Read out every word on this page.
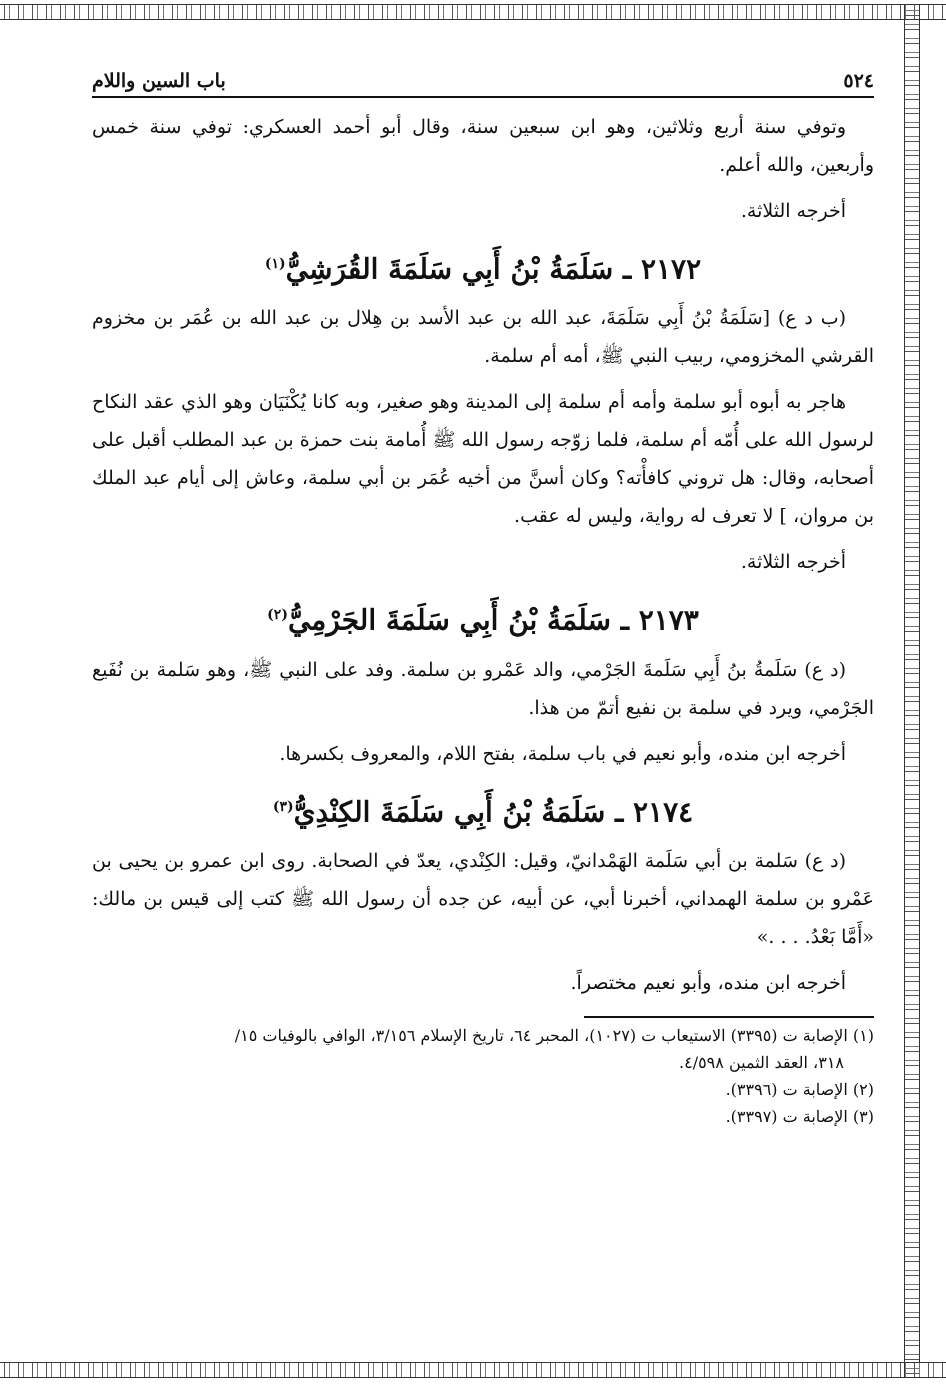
٥٢٤
باب السين واللام

وتوفي سنة أربع وثلاثين، وهو ابن سبعين سنة، وقال أبو أحمد العسكري: توفي سنة خمس وأربعين، والله أعلم.

أخرجه الثلاثة.

٢١٧٢ ـ سَلَمَةُ بْنُ أَبِي سَلَمَةَ القُرَشِيُّ$^{(١)}$

(ب د ع) [سَلَمَةُ بْنُ أَبِي سَلَمَةَ، عبد الله بن عبد الأسد بن هِلال بن عبد الله بن عُمَر بن مخزوم القرشي المخزومي، ربيب النبي ﷺ، أمه أم سلمة.

هاجر به أبوه أبو سلمة وأمه أم سلمة إلى المدينة وهو صغير، وبه كانا يُكْنَيَان وهو الذي عقد النكاح لرسول الله على أُمّه أم سلمة، فلما زوّجه رسول الله ﷺ أُمامة بنت حمزة بن عبد المطلب أقبل على أصحابه، وقال: هل تروني كافأْته؟ وكان أسنَّ من أخيه عُمَر بن أبي سلمة، وعاش إلى أيام عبد الملك بن مروان، ] لا تعرف له رواية، وليس له عقب.

أخرجه الثلاثة.

٢١٧٣ ـ سَلَمَةُ بْنُ أَبِي سَلَمَةَ الجَرْمِيُّ$^{(٢)}$

(د ع) سَلَمةُ بنُ أَبِي سَلَمةَ الجَرْمي، والد عَمْرو بن سلمة. وفد على النبي ﷺ، وهو سَلمة بن نُفَيع الجَرْمي، ويرد في سلمة بن نفيع أتمّ من هذا.

أخرجه ابن منده، وأبو نعيم في باب سلمة، بفتح اللام، والمعروف بكسرها.

٢١٧٤ ـ سَلَمَةُ بْنُ أَبِي سَلَمَةَ الكِنْدِيُّ$^{(٣)}$

(د ع) سَلمة بن أبي سَلَمة الهَمْدانيّ، وقيل: الكِنْدي، يعدّ في الصحابة. روى ابن عمرو بن يحيى بن عَمْرو بن سلمة الهمداني، أخبرنا أبي، عن أبيه، عن جده أن رسول الله ﷺ كتب إلى قيس بن مالك: «أَمَّا بَعْدُ. . . .»

أخرجه ابن منده، وأبو نعيم مختصراً.

(١) الإصابة ت (٣٣٩٥) الاستيعاب ت (١٠٢٧)، المحبر ٦٤، تاريخ الإسلام ٣/١٥٦، الوافي بالوفيات ١٥/

٣١٨، العقد الثمين ٤/٥٩٨.

(٢) الإصابة ت (٣٣٩٦).

(٣) الإصابة ت (٣٣٩٧).
